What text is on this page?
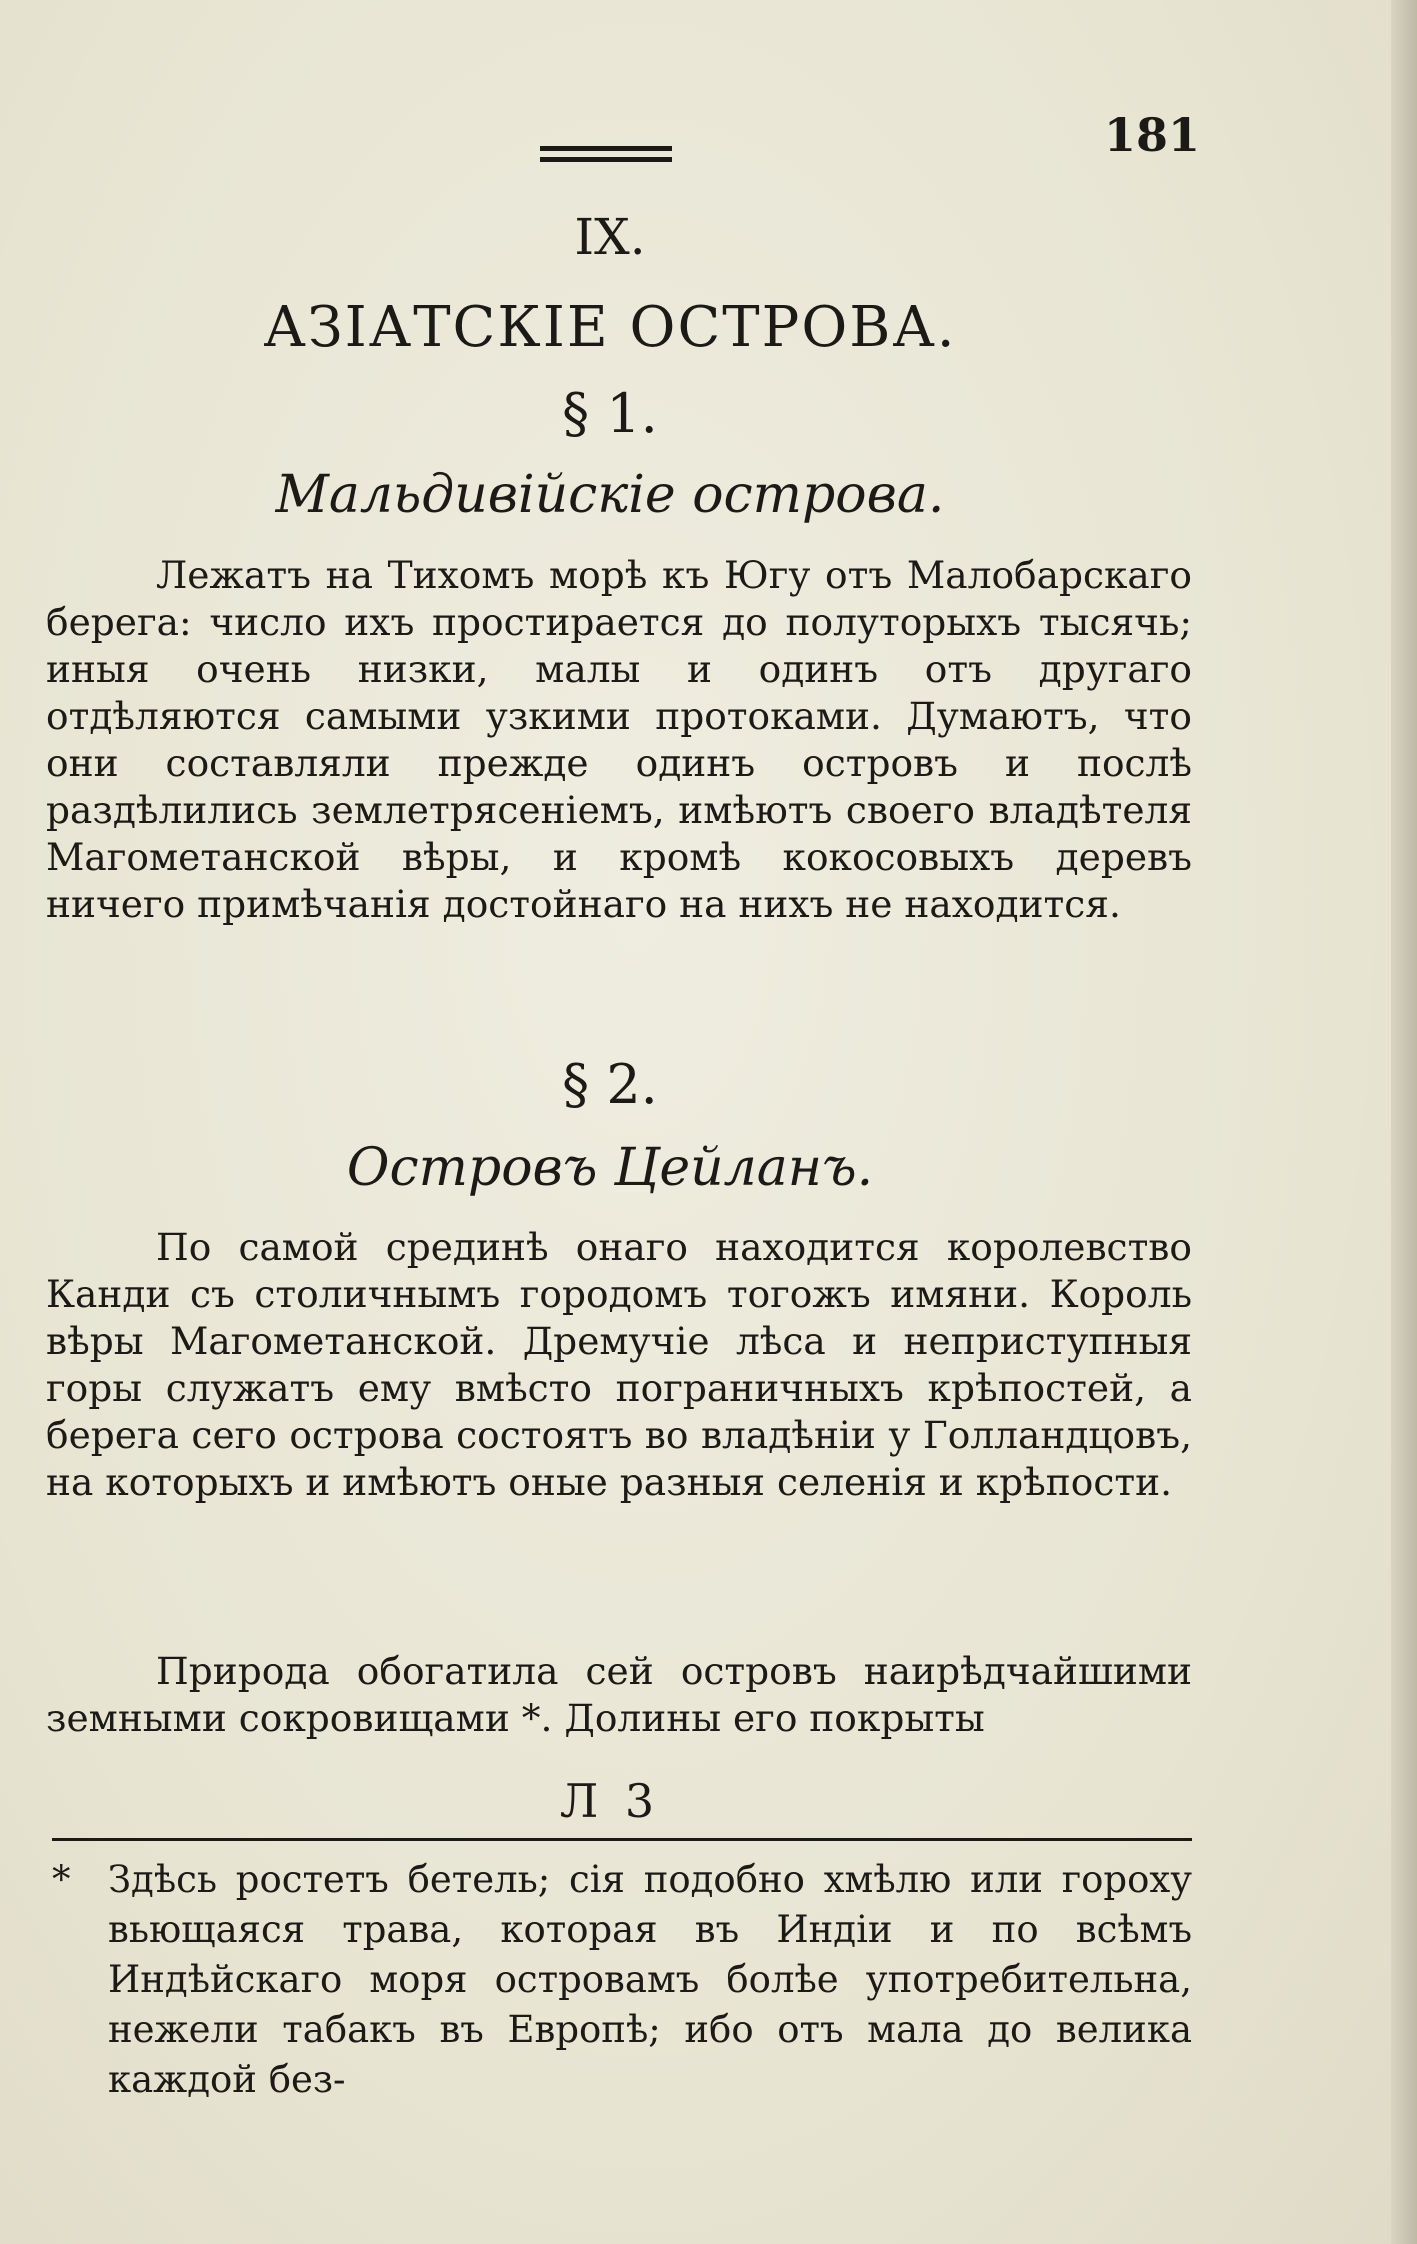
181
IX.
АЗІАТСКІЕ ОСТРОВА.
§ 1.
Мальдивійскіе острова.

Лежатъ на Тихомъ морѣ къ Югу отъ Малобарскаго берега: число ихъ простирается до полуторыхъ тысячь; иныя очень низки, малы и одинъ отъ другаго отдѣляются самыми узкими протоками. Думаютъ, что они составляли прежде одинъ островъ и послѣ раздѣлились землетрясеніемъ, имѣютъ своего владѣтеля Магометанской вѣры, и кромѣ кокосовыхъ деревъ ничего примѣчанія достойнаго на нихъ не находится.

§ 2.
Островъ Цейланъ.

По самой срединѣ онаго находится королевство Канди съ столичнымъ городомъ тогожъ имяни. Король вѣры Магометанской. Дремучіе лѣса и неприступныя горы служатъ ему вмѣсто пограничныхъ крѣпостей, а берега сего острова состоятъ во владѣніи у Голландцовъ, на которыхъ и имѣютъ оные разныя селенія и крѣпости.

Природа обогатила сей островъ наирѣдчайшими земными сокровищами *. Долины его покрыты

Л 3

* Здѣсь ростетъ бетель; сія подобно хмѣлю или гороху вьющаяся трава, которая въ Индіи и по всѣмъ Индѣйскаго моря островамъ болѣе употребительна, нежели табакъ въ Европѣ; ибо отъ мала до велика каждой без-
